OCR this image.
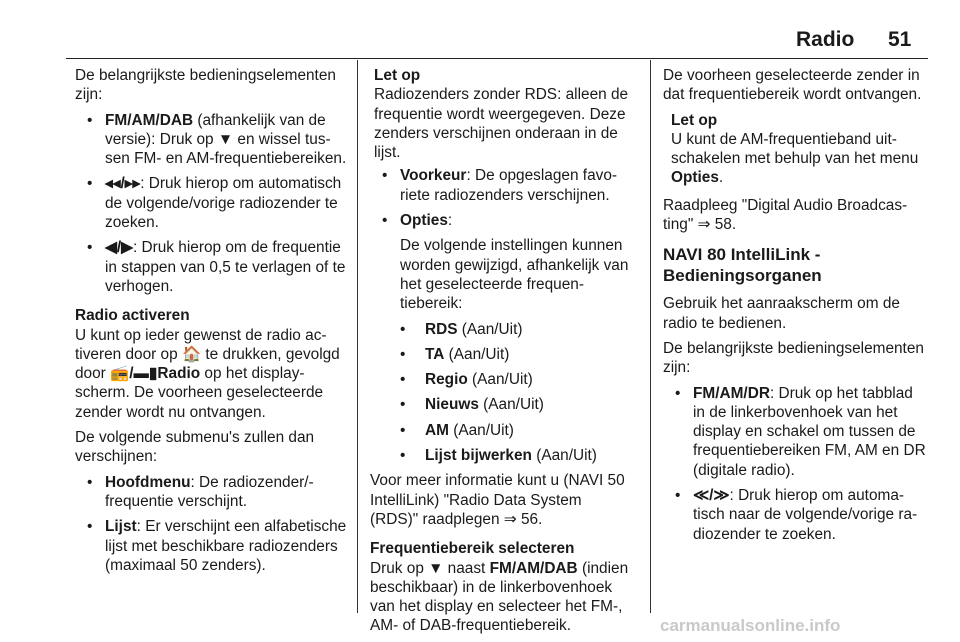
Radio 51

De belangrijkste bedieningselementen zijn:

• FM/AM/DAB (afhankelijk van de versie): Druk op ▼ en wissel tussen FM- en AM-frequentiebereiken.
• ◂◂/▸▸: Druk hierop om automatisch de volgende/vorige radiozender te zoeken.
• ◀/▶: Druk hierop om de frequentie in stappen van 0,5 te verlagen of te verhogen.

Radio activeren

U kunt op ieder gewenst de radio activeren door op 🏠 te drukken, gevolgd door 📻/▬▮Radio op het displayscherm. De voorheen geselecteerde zender wordt nu ontvangen.

De volgende submenu's zullen dan verschijnen:

• Hoofdmenu: De radiozender/-frequentie verschijnt.
• Lijst: Er verschijnt een alfabetische lijst met beschikbare radiozenders (maximaal 50 zenders).
Let op
Radiozenders zonder RDS: alleen de frequentie wordt weergegeven. Deze zenders verschijnen onderaan in de lijst.
• Voorkeur: De opgeslagen favoriete radiozenders verschijnen.
• Opties:

De volgende instellingen kunnen worden gewijzigd, afhankelijk van het geselecteerde frequentiebereik:

• RDS (Aan/Uit)
• TA (Aan/Uit)
• Regio (Aan/Uit)
• Nieuws (Aan/Uit)
• AM (Aan/Uit)
• Lijst bijwerken (Aan/Uit)

Voor meer informatie kunt u (NAVI 50 IntelliLink) "Radio Data System (RDS)" raadplegen ⇒ 56.

Frequentiebereik selecteren

Druk op ▼ naast FM/AM/DAB (indien beschikbaar) in de linkerbovenhoek van het display en selecteer het FM-, AM- of DAB-frequentiebereik.

De voorheen geselecteerde zender in dat frequentiebereik wordt ontvangen.

Let op
U kunt de AM-frequentieband uitschakelen met behulp van het menu Opties.

Raadpleeg "Digital Audio Broadcasting" ⇒ 58.

NAVI 80 IntelliLink - Bedieningsorganen

Gebruik het aanraakscherm om de radio te bedienen.

De belangrijkste bedieningselementen zijn:

• FM/AM/DR: Druk op het tabblad in de linkerbovenhoek van het display en schakel om tussen de frequentiebereiken FM, AM en DR (digitale radio).
• ≪/≫: Druk hierop om automatisch naar de volgende/vorige radiozender te zoeken.
carmanualsonline.info
